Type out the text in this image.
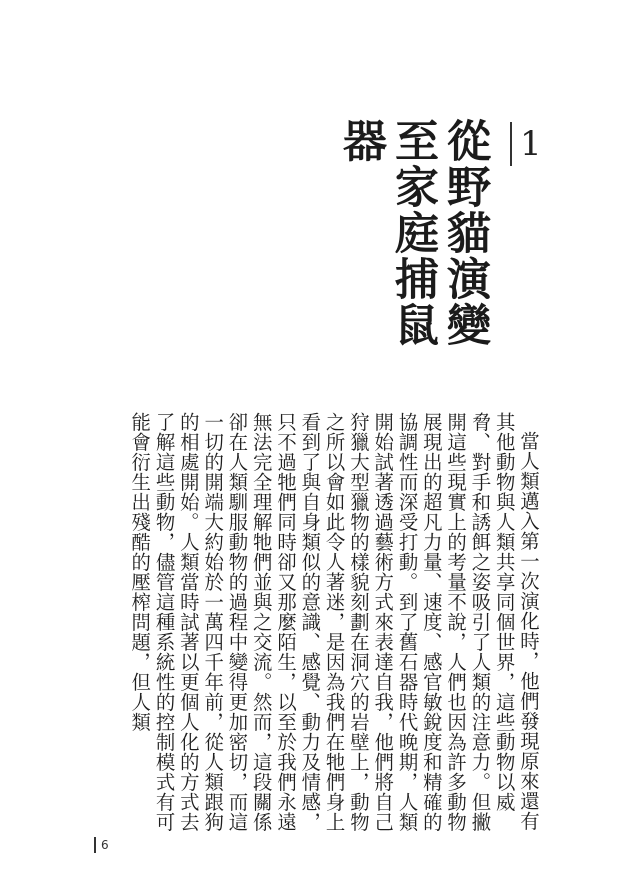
1
從野貓演變至家庭捕鼠器

當人類邁入第一次演化時，他們發現原來還有其他動物與人類共享同個世界，這些動物以威脅、對手和誘餌之姿吸引了人類的注意力。但撇開這些現實上的考量不說，人們也因為許多動物展現出的超凡力量、速度、感官敏銳度和精確的協調性而深受打動。到了舊石器時代晚期，人類開始試著透過藝術方式來表達自我，他們將自己狩獵大型獵物的樣貌刻劃在洞穴的岩壁上，動物之所以會如此令人著迷，是因為我們在牠們身上看到了與自身類似的意識、感覺、動力及情感，只不過牠們同時卻又那麼陌生，以至於我們永遠無法完全理解牠們並與之交流。然而，這段關係卻在人類馴服動物的過程中變得更加密切，而這一切的開端大約始於一萬四千年前，從人類跟狗的相處開始。人類當時試著以更個人化的方式去了解這些動物，儘管這種系統性的控制模式有可能會衍生出殘酷的壓榨問題，但人類

6
